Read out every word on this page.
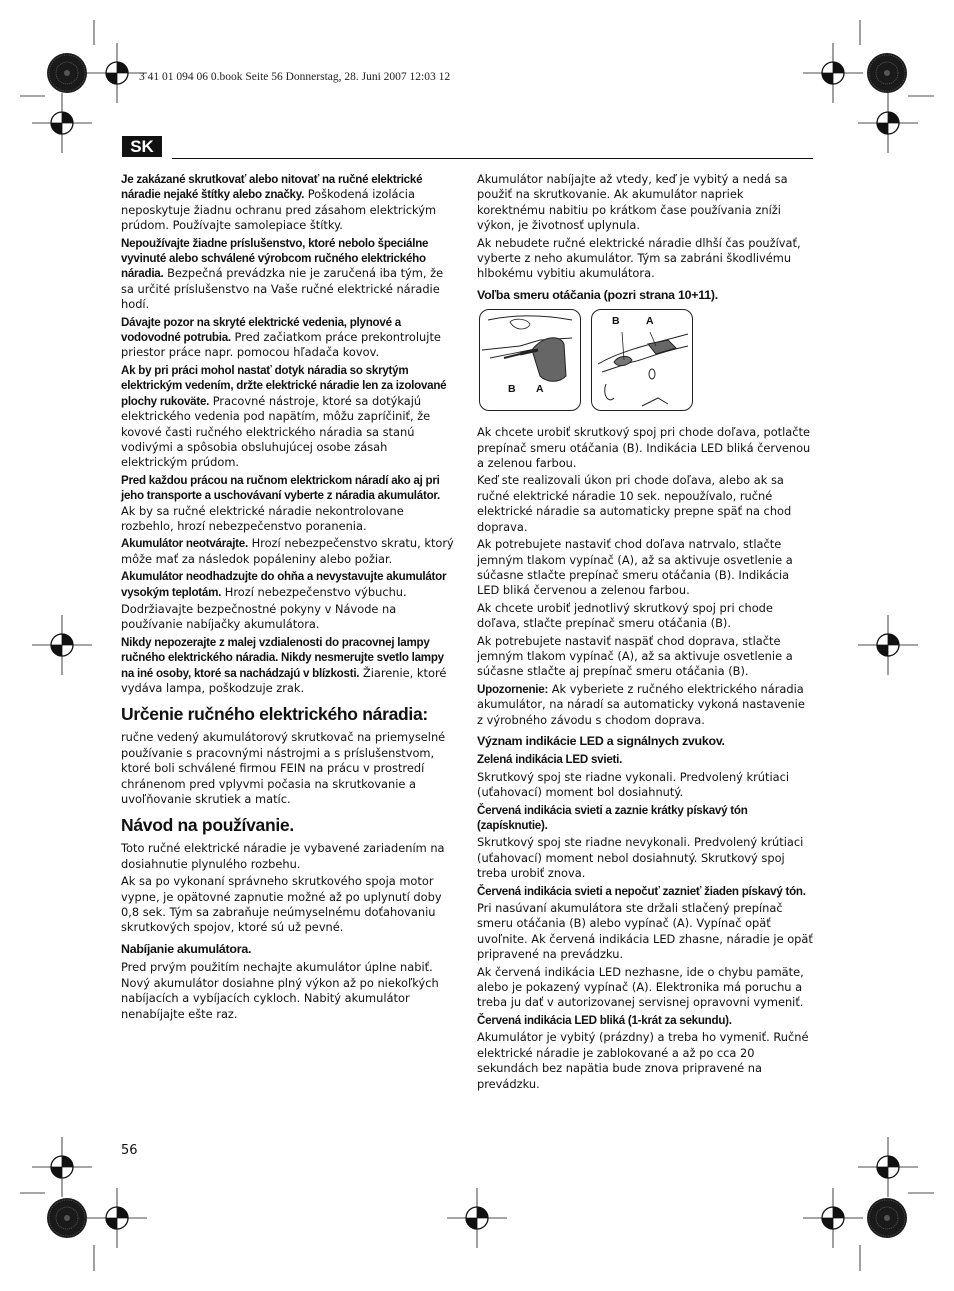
3 41 01 094 06 0.book Seite 56 Donnerstag, 28. Juni 2007 12:03 12
SK

Je zakázané skrutkovať alebo nitovať na ručné elektrické náradie nejaké štítky alebo značky. Poškodená izolácia neposkytuje žiadnu ochranu pred zásahom elektrickým prúdom. Používajte samolepiace štítky.

Nepoužívajte žiadne príslušenstvo, ktoré nebolo špeciálne vyvinuté alebo schválené výrobcom ručného elektrického náradia. Bezpečná prevádzka nie je zaručená iba tým, že sa určité príslušenstvo na Vaše ručné elektrické náradie hodí.

Dávajte pozor na skryté elektrické vedenia, plynové a vodovodné potrubia. Pred začiatkom práce prekontrolujte priestor práce napr. pomocou hľadača kovov.

Ak by pri práci mohol nastať dotyk náradia so skrytým elektrickým vedením, držte elektrické náradie len za izolované plochy rukoväte. Pracovné nástroje, ktoré sa dotýkajú elektrického vedenia pod napätím, môžu zapríčiniť, že kovové časti ručného elektrického náradia sa stanú vodivými a spôsobia obsluhujúcej osobe zásah elektrickým prúdom.

Pred každou prácou na ručnom elektrickom náradí ako aj pri jeho transporte a uschovávaní vyberte z náradia akumulátor. Ak by sa ručné elektrické náradie nekontrolovane rozbehlo, hrozí nebezpečenstvo poranenia.

Akumulátor neotvárajte. Hrozí nebezpečenstvo skratu, ktorý môže mať za následok popáleniny alebo požiar.

Akumulátor neodhadzujte do ohňa a nevystavujte akumulátor vysokým teplotám. Hrozí nebezpečenstvo výbuchu.

Dodržiavajte bezpečnostné pokyny v Návode na používanie nabíjačky akumulátora.

Nikdy nepozerajte z malej vzdialenosti do pracovnej lampy ručného elektrického náradia. Nikdy nesmerujte svetlo lampy na iné osoby, ktoré sa nachádzajú v blízkosti. Žiarenie, ktoré vydáva lampa, poškodzuje zrak.

Určenie ručného elektrického náradia:

ručne vedený akumulátorový skrutkovač na priemyselné používanie s pracovnými nástrojmi a s príslušenstvom, ktoré boli schválené firmou FEIN na prácu v prostredí chránenom pred vplyvmi počasia na skrutkovanie a uvoľňovanie skrutiek a matíc.

Návod na používanie.

Toto ručné elektrické náradie je vybavené zariadením na dosiahnutie plynulého rozbehu.

Ak sa po vykonaní správneho skrutkového spoja motor vypne, je opätovné zapnutie možné až po uplynutí doby 0,8 sek. Tým sa zabraňuje neúmyselnému doťahovaniu skrutkových spojov, ktoré sú už pevné.

Nabíjanie akumulátora.

Pred prvým použitím nechajte akumulátor úplne nabiť. Nový akumulátor dosiahne plný výkon až po niekoľkých nabíjacích a vybíjacích cykloch. Nabitý akumulátor nenabíjajte ešte raz.

Akumulátor nabíjajte až vtedy, keď je vybitý a nedá sa použiť na skrutkovanie. Ak akumulátor napriek korektnému nabitiu po krátkom čase používania zníži výkon, je životnosť uplynula.

Ak nebudete ručné elektrické náradie dlhší čas používať, vyberte z neho akumulátor. Tým sa zabráni škodlivému hlbokému vybitiu akumulátora.

Voľba smeru otáčania (pozri strana 10+11).
B A
B	A

Ak chcete urobiť skrutkový spoj pri chode doľava, potlačte prepínač smeru otáčania (B). Indikácia LED bliká červenou a zelenou farbou.

Keď ste realizovali úkon pri chode doľava, alebo ak sa ručné elektrické náradie 10 sek. nepoužívalo, ručné elektrické náradie sa automaticky prepne späť na chod doprava.

Ak potrebujete nastaviť chod doľava natrvalo, stlačte jemným tlakom vypínač (A), až sa aktivuje osvetlenie a súčasne stlačte prepínač smeru otáčania (B). Indikácia LED bliká červenou a zelenou farbou.

Ak chcete urobiť jednotlivý skrutkový spoj pri chode doľava, stlačte prepínač smeru otáčania (B).

Ak potrebujete nastaviť naspäť chod doprava, stlačte jemným tlakom vypínač (A), až sa aktivuje osvetlenie a súčasne stlačte aj prepínač smeru otáčania (B).

Upozornenie: Ak vyberiete z ručného elektrického náradia akumulátor, na náradí sa automaticky vykoná nastavenie z výrobného závodu s chodom doprava.

Význam indikácie LED a signálnych zvukov.

Zelená indikácia LED svieti.

Skrutkový spoj ste riadne vykonali. Predvolený krútiaci (uťahovací) moment bol dosiahnutý.

Červená indikácia svieti a zaznie krátky pískavý tón (zapísknutie).

Skrutkový spoj ste riadne nevykonali. Predvolený krútiaci (uťahovací) moment nebol dosiahnutý. Skrutkový spoj treba urobiť znova.

Červená indikácia svieti a nepočuť zaznieť žiaden pískavý tón.

Pri nasúvaní akumulátora ste držali stlačený prepínač smeru otáčania (B) alebo vypínač (A). Vypínač opäť uvoľnite. Ak červená indikácia LED zhasne, náradie je opäť pripravené na prevádzku.

Ak červená indikácia LED nezhasne, ide o chybu pamäte, alebo je pokazený vypínač (A). Elektronika má poruchu a treba ju dať v autorizovanej servisnej opravovni vymeniť.

Červená indikácia LED bliká (1-krát za sekundu).

Akumulátor je vybitý (prázdny) a treba ho vymeniť. Ručné elektrické náradie je zablokované a až po cca 20 sekundách bez napätia bude znova pripravené na prevádzku.

56
